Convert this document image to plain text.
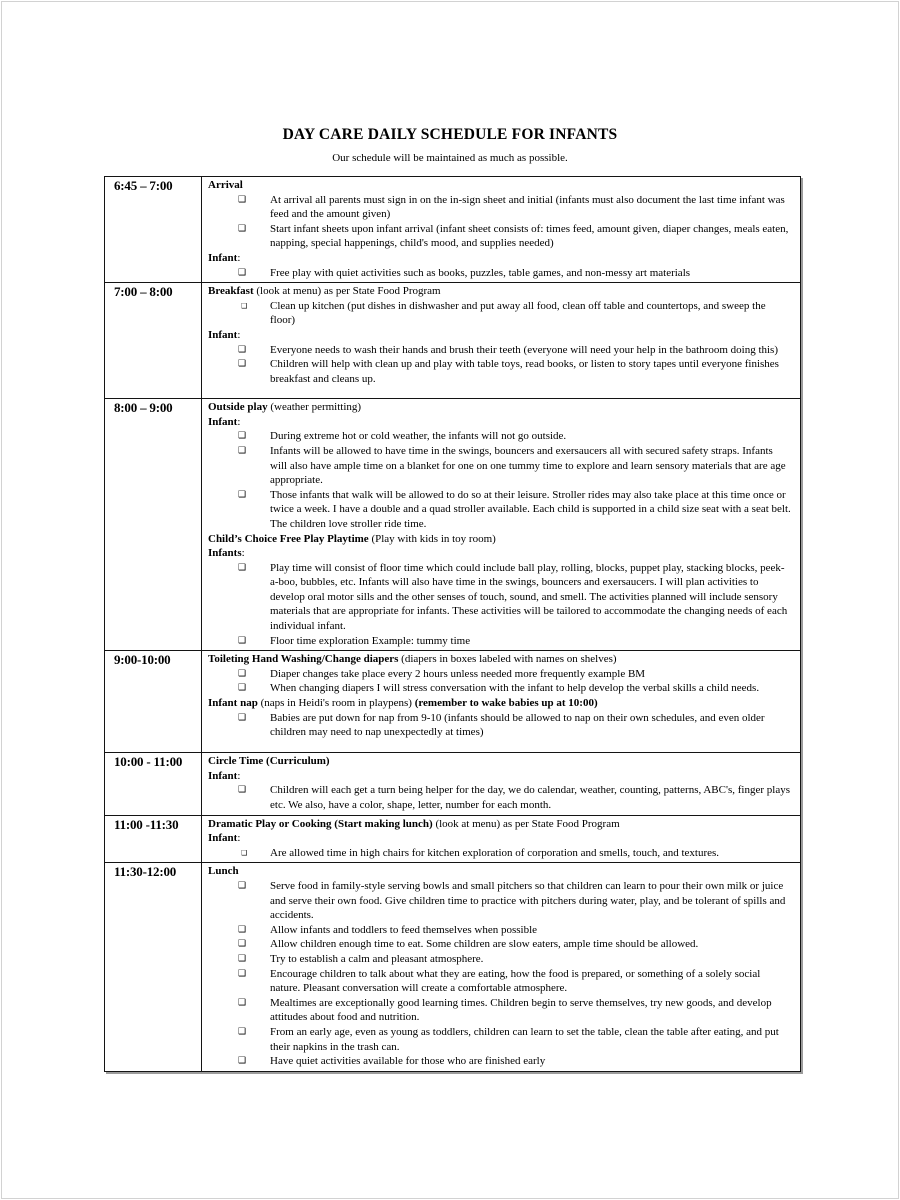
DAY CARE DAILY SCHEDULE FOR INFANTS
Our schedule will be maintained as much as possible.
6:45 – 7:00	Arrival
❑ At arrival all parents must sign in on the in-sign sheet and initial (infants must also document the last time infant was feed and the amount given)
❑ Start infant sheets upon infant arrival (infant sheet consists of: times feed, amount given, diaper changes, meals eaten, napping, special happenings, child's mood, and supplies needed)
Infant:
❑ Free play with quiet activities such as books, puzzles, table games, and non-messy art materials
7:00 – 8:00	Breakfast (look at menu) as per State Food Program
❑ Clean up kitchen (put dishes in dishwasher and put away all food, clean off table and countertops, and sweep the floor)
Infant:
❑ Everyone needs to wash their hands and brush their teeth (everyone will need your help in the bathroom doing this)
❑ Children will help with clean up and play with table toys, read books, or listen to story tapes until everyone finishes breakfast and cleans up.
8:00 – 9:00	Outside play (weather permitting)
Infant:
❑ During extreme hot or cold weather, the infants will not go outside.
❑ Infants will be allowed to have time in the swings, bouncers and exersaucers all with secured safety straps. Infants will also have ample time on a blanket for one on one tummy time to explore and learn sensory materials that are age appropriate.
❑ Those infants that walk will be allowed to do so at their leisure. Stroller rides may also take place at this time once or twice a week. I have a double and a quad stroller available. Each child is supported in a child size seat with a seat belt. The children love stroller ride time.
Child’s Choice Free Play Playtime (Play with kids in toy room)
Infants:
❑ Play time will consist of floor time which could include ball play, rolling, blocks, puppet play, stacking blocks, peek-a-boo, bubbles, etc. Infants will also have time in the swings, bouncers and exersaucers. I will plan activities to develop oral motor sills and the other senses of touch, sound, and smell. The activities planned will include sensory materials that are appropriate for infants. These activities will be tailored to accommodate the changing needs of each individual infant.
❑ Floor time exploration Example: tummy time
9:00-10:00	Toileting Hand Washing/Change diapers (diapers in boxes labeled with names on shelves)
❑ Diaper changes take place every 2 hours unless needed more frequently example BM
❑ When changing diapers I will stress conversation with the infant to help develop the verbal skills a child needs.
Infant nap (naps in Heidi's room in playpens) (remember to wake babies up at 10:00)
❑ Babies are put down for nap from 9-10 (infants should be allowed to nap on their own schedules, and even older children may need to nap unexpectedly at times)
10:00 - 11:00	Circle Time (Curriculum)
Infant:
❑ Children will each get a turn being helper for the day, we do calendar, weather, counting, patterns, ABC's, finger plays etc. We also, have a color, shape, letter, number for each month.
11:00 -11:30	Dramatic Play or Cooking (Start making lunch) (look at menu) as per State Food Program
Infant:
❑ Are allowed time in high chairs for kitchen exploration of corporation and smells, touch, and textures.
11:30-12:00	Lunch
❑ Serve food in family-style serving bowls and small pitchers so that children can learn to pour their own milk or juice and serve their own food. Give children time to practice with pitchers during water, play, and be tolerant of spills and accidents.
❑ Allow infants and toddlers to feed themselves when possible
❑ Allow children enough time to eat. Some children are slow eaters, ample time should be allowed.
❑ Try to establish a calm and pleasant atmosphere.
❑ Encourage children to talk about what they are eating, how the food is prepared, or something of a solely social nature. Pleasant conversation will create a comfortable atmosphere.
❑ Mealtimes are exceptionally good learning times. Children begin to serve themselves, try new goods, and develop attitudes about food and nutrition.
❑ From an early age, even as young as toddlers, children can learn to set the table, clean the table after eating, and put their napkins in the trash can.
❑ Have quiet activities available for those who are finished early
